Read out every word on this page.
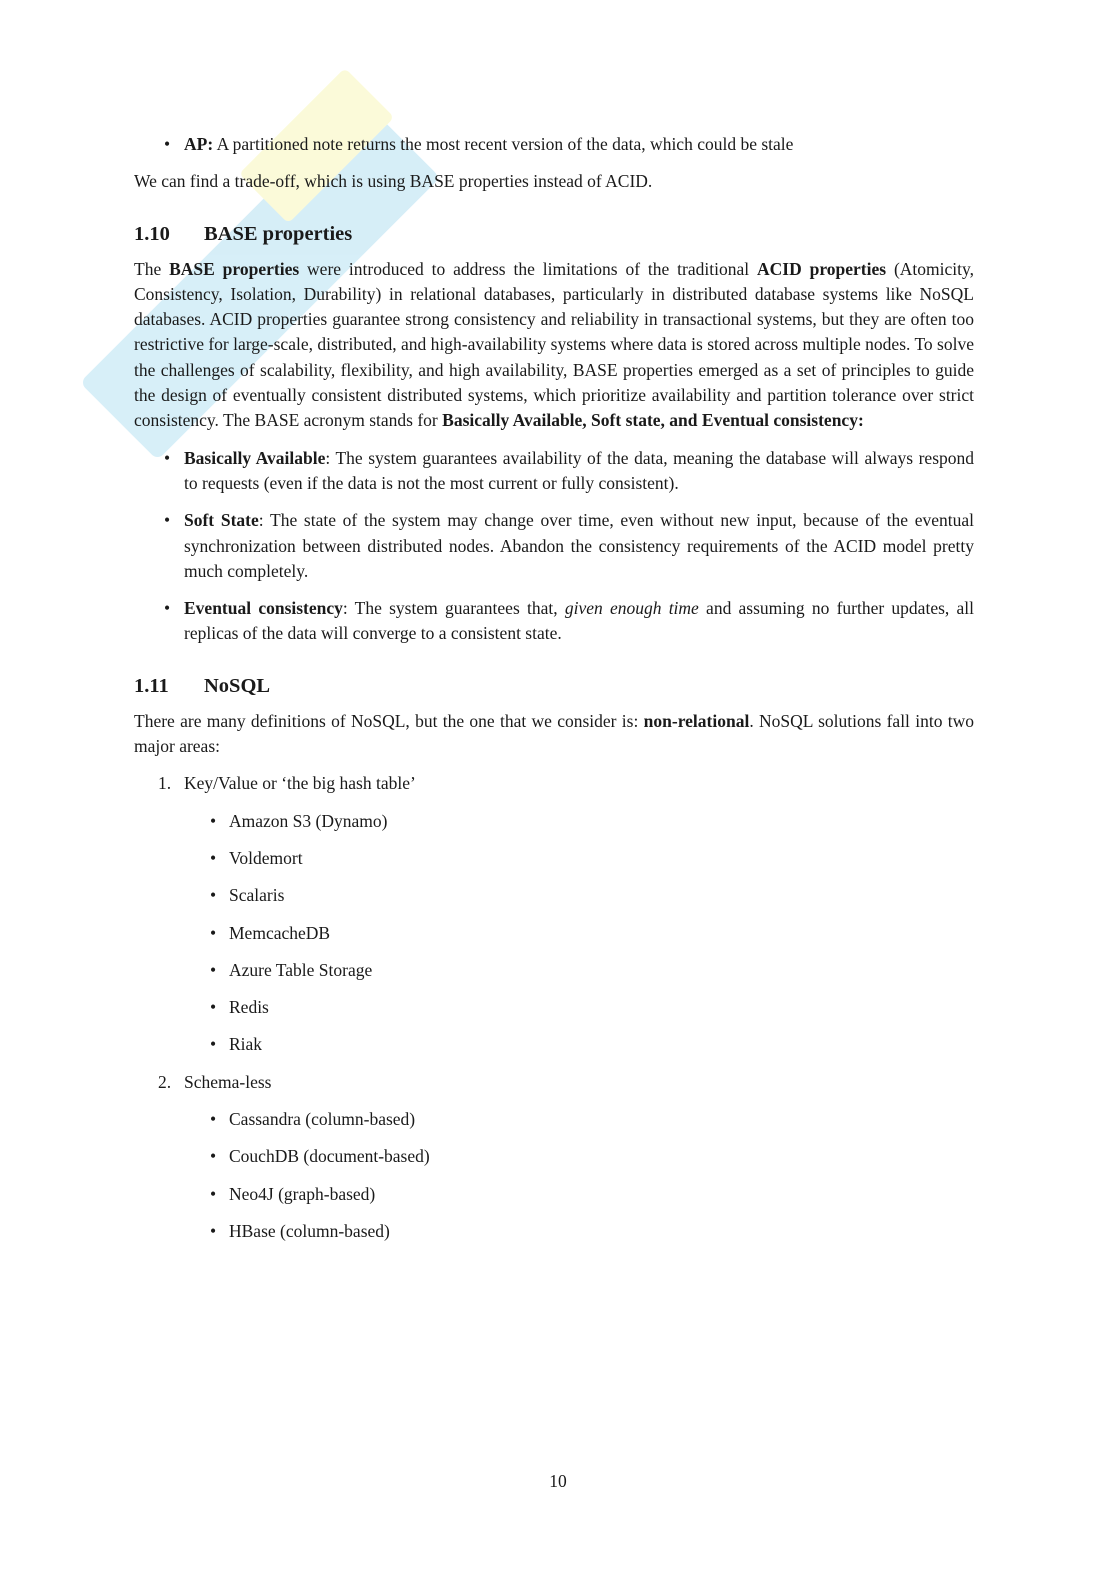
• AP: A partitioned note returns the most recent version of the data, which could be stale

We can find a trade-off, which is using BASE properties instead of ACID.

1.10 BASE properties

The BASE properties were introduced to address the limitations of the traditional ACID properties (Atomicity, Consistency, Isolation, Durability) in relational databases, particularly in distributed database systems like NoSQL databases. ACID properties guarantee strong consistency and reliability in transactional systems, but they are often too restrictive for large-scale, distributed, and high-availability systems where data is stored across multiple nodes. To solve the challenges of scalability, flexibility, and high availability, BASE properties emerged as a set of principles to guide the design of eventually consistent distributed systems, which prioritize availability and partition tolerance over strict consistency. The BASE acronym stands for Basically Available, Soft state, and Eventual consistency:

• Basically Available: The system guarantees availability of the data, meaning the database will always respond to requests (even if the data is not the most current or fully consistent).
• Soft State: The state of the system may change over time, even without new input, because of the eventual synchronization between distributed nodes. Abandon the consistency requirements of the ACID model pretty much completely.
• Eventual consistency: The system guarantees that, given enough time and assuming no further updates, all replicas of the data will converge to a consistent state.
1.11 NoSQL

There are many definitions of NoSQL, but the one that we consider is: non-relational. NoSQL solutions fall into two major areas:

1. Key/Value or ‘the big hash table’
• Amazon S3 (Dynamo)
• Voldemort
• Scalaris
• MemcacheDB
• Azure Table Storage
• Redis
• Riak
2. Schema-less
• Cassandra (column-based)
• CouchDB (document-based)
• Neo4J (graph-based)
• HBase (column-based)
10
